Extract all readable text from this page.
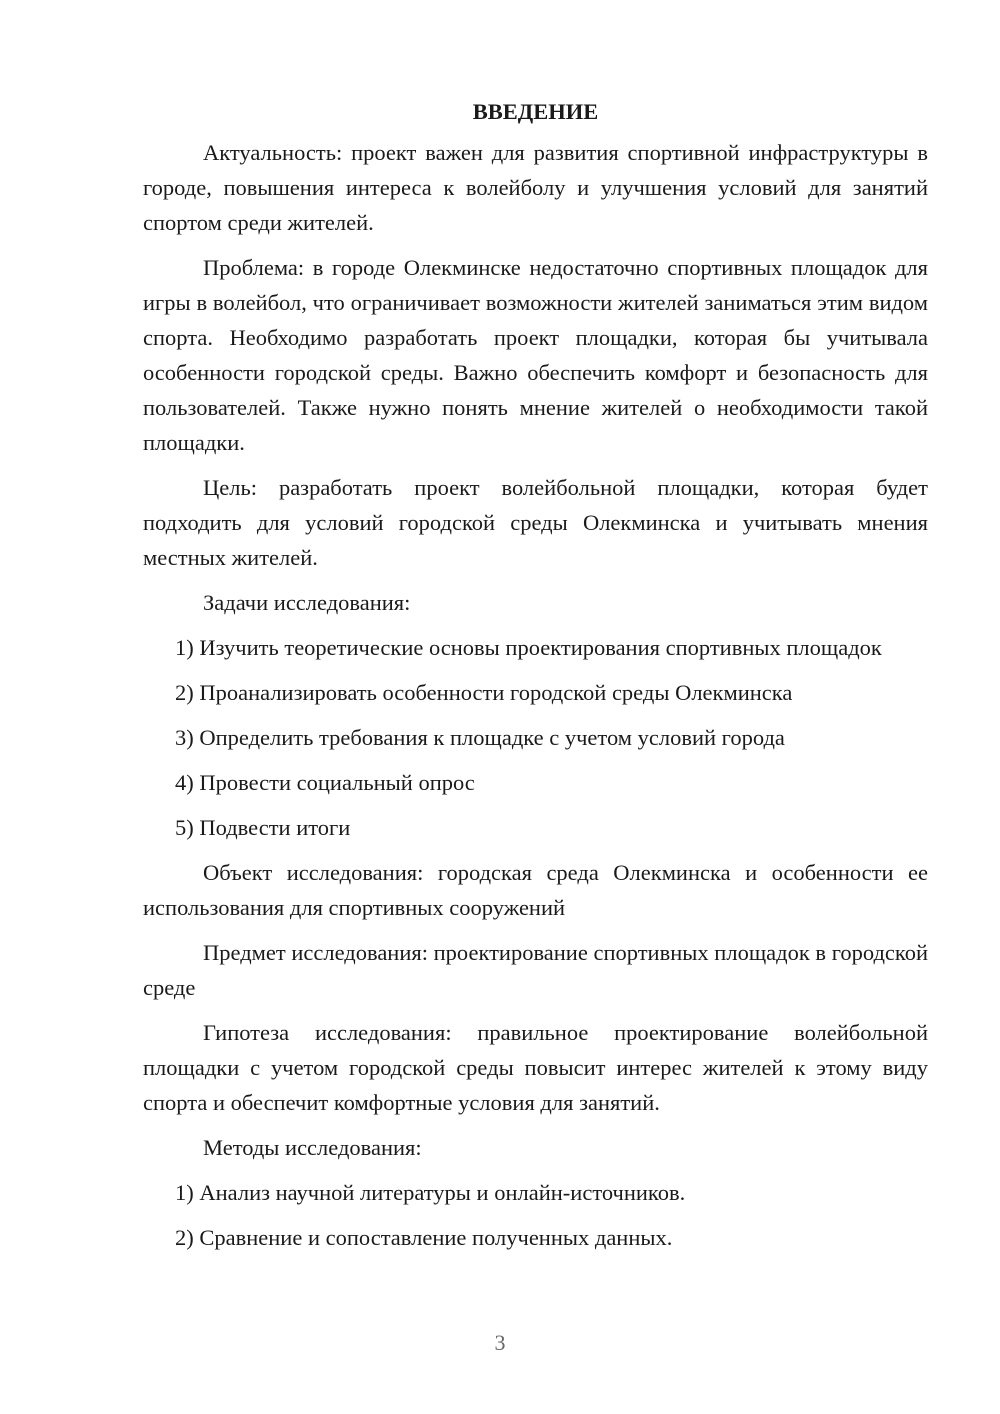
ВВЕДЕНИЕ

Актуальность: проект важен для развития спортивной инфраструктуры в городе, повышения интереса к волейболу и улучшения условий для занятий спортом среди жителей.

Проблема: в городе Олекминске недостаточно спортивных площадок для игры в волейбол, что ограничивает возможности жителей заниматься этим видом спорта. Необходимо разработать проект площадки, которая бы учитывала особенности городской среды. Важно обеспечить комфорт и безопасность для пользователей. Также нужно понять мнение жителей о необходимости такой площадки.

Цель: разработать проект волейбольной площадки, которая будет подходить для условий городской среды Олекминска и учитывать мнения местных жителей.

Задачи исследования:

1) Изучить теоретические основы проектирования спортивных площадок

2) Проанализировать особенности городской среды Олекминска

3) Определить требования к площадке с учетом условий города

4) Провести социальный опрос

5) Подвести итоги

Объект исследования: городская среда Олекминска и особенности ее использования для спортивных сооружений

Предмет исследования: проектирование спортивных площадок в городской среде

Гипотеза исследования: правильное проектирование волейбольной площадки с учетом городской среды повысит интерес жителей к этому виду спорта и обеспечит комфортные условия для занятий.

Методы исследования:

1) Анализ научной литературы и онлайн-источников.

2) Сравнение и сопоставление полученных данных.

3
